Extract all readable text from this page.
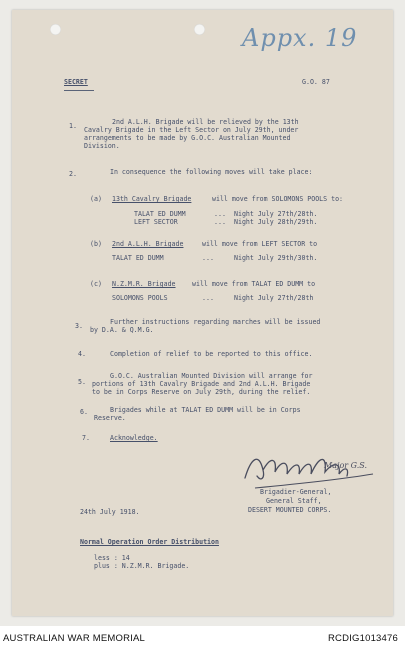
Appx. 19
SECRET	G.O. 87
1.	2nd A.L.H. Brigade will be relieved by the 13th
Cavalry Brigade in the Left Sector on July 29th, under
arrangements to be made by G.O.C. Australian Mounted
Division.
2.	In consequence the following moves will take place:
(a) 13th Cavalry Brigade	will move from SOLOMONS POOLS to:
TALAT ED DUMM	... Night July 27th/28th.
LEFT SECTOR	... Night July 28th/29th.
(b) 2nd A.L.H. Brigade	will move from LEFT SECTOR to
TALAT ED DUMM	...	Night July 29th/30th.
(c) N.Z.M.R. Brigade will move from TALAT ED DUMM to
SOLOMONS POOLS	...	Night July 27th/28th
3.	Further instructions regarding marches will be issued
by D.A. & Q.M.G.
4.	Completion of relief to be reported to this office.
5.
G.O.C. Australian Mounted Division will arrange for
portions of 13th Cavalry Brigade and 2nd A.L.H. Brigade
to be in Corps Reserve on July 29th, during the relief.
6.	Brigades while at TALAT ED DUMM will be in Corps
Reserve.
7.	Acknowledge.
Major G.S.
Brigadier-General,
General Staff,
DESERT MOUNTED CORPS.
24th July 1918.
Normal Operation Order Distribution
less : 14
plus : N.Z.M.R. Brigade.
AUSTRALIAN WAR MEMORIAL	RCDIG1013476
